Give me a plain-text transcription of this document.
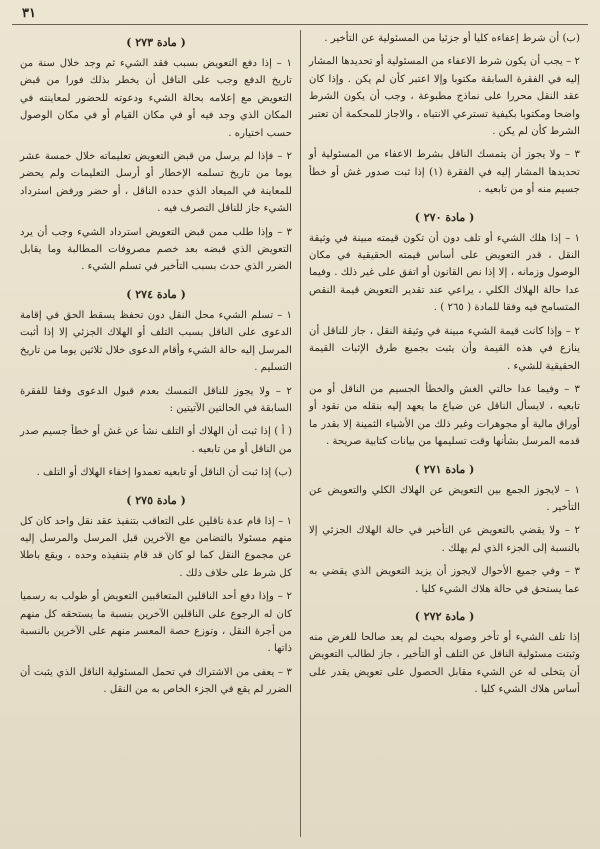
٣١

(ب) أن شرط إعفاءه كليا أو جزئيا من المسئولية عن التأخير .

٢ – يجب أن يكون شرط الاعفاء من المسئولية أو تحديدها المشار إليه في الفقرة السابقة مكتوبا وإلا اعتبر كأن لم يكن . وإذا كان عقد النقل محررا على نماذج مطبوعة ، وجب أن يكون الشرط واضحا ومكتوبا بكيفية تسترعي الانتباه ، والاجاز للمحكمة أن تعتبر الشرط كأن لم يكن .

٣ – ولا يجوز أن يتمسك الناقل بشرط الاعفاء من المسئولية أو تحديدها المشار إليه في الفقرة (١) إذا ثبت صدور غش أو خطأ جسيم منه أو من تابعيه .

( مادة ٢٧٠ )

١ – إذا هلك الشيء أو تلف دون أن تكون قيمته مبينة في وثيقة النقل ، قدر التعويض على أساس قيمته الحقيقية في مكان الوصول وزمانه ، إلا إذا نص القانون أو اتفق على غير ذلك . وفيما عدا حالة الهلاك الكلي ، يراعي عند تقدير التعويض قيمة النقص المتسامح فيه وفقا للمادة ( ٢٦٥ ) .

٢ – وإذا كانت قيمة الشيء مبينة في وثيقة النقل ، جاز للناقل أن ينازع في هذه القيمة وأن يثبت بجميع طرق الإثبات القيمة الحقيقية للشيء .

٣ – وفيما عدا حالتي الغش والخطأ الجسيم من الناقل أو من تابعيه ، لايسأل الناقل عن ضياع ما يعهد إليه بنقله من نقود أو أوراق مالية أو مجوهرات وغير ذلك من الأشياء الثمينة إلا بقدر ما قدمه المرسل بشأنها وقت تسليمها من بيانات كتابية صريحة .

( مادة ٢٧١ )

١ – لايجوز الجمع بين التعويض عن الهلاك الكلي والتعويض عن التأخير .

٢ – ولا يقضي بالتعويض عن التأخير في حالة الهلاك الجزئي إلا بالنسبة إلى الجزء الذي لم يهلك .

٣ – وفي جميع الأحوال لايجوز أن يزيد التعويض الذي يقضي به عما يستحق في حالة هلاك الشيء كليا .

( مادة ٢٧٢ )

إذا تلف الشيء أو تأخر وصوله بحيث لم يعد صالحا للغرض منه وثبتت مسئولية الناقل عن التلف أو التأخير ، جاز لطالب التعويض أن يتخلى له عن الشيء مقابل الحصول على تعويض يقدر على أساس هلاك الشيء كليا .

( مادة ٢٧٣ )

١ – إذا دفع التعويض بسبب فقد الشيء ثم وجد خلال سنة من تاريخ الدفع وجب على الناقل أن يخطر بذلك فورا من قبض التعويض مع إعلامه بحالة الشيء ودعوته للحضور لمعاينته في المكان الذي وجد فيه أو في مكان القيام أو في مكان الوصول حسب اختياره .

٢ – فإذا لم يرسل من قبض التعويض تعليماته خلال خمسة عشر يوما من تاريخ تسلمه الإخطار أو أرسل التعليمات ولم يحضر للمعاينة في الميعاد الذي حدده الناقل ، أو حضر ورفض استرداد الشيء جاز للناقل التصرف فيه .

٣ – وإذا طلب ممن قبض التعويض استرداد الشيء وجب أن يرد التعويض الذي قبضه بعد خصم مصروفات المطالبة وما يقابل الضرر الذي حدث بسبب التأخير في تسلم الشيء .

( مادة ٢٧٤ )

١ – تسلم الشيء محل النقل دون تحفظ يسقط الحق في إقامة الدعوى على الناقل بسبب التلف أو الهلاك الجزئي إلا إذا أثبت المرسل إليه حالة الشيء وأقام الدعوى خلال ثلاثين يوما من تاريخ التسليم .

٢ – ولا يجوز للناقل التمسك بعدم قبول الدعوى وفقا للفقرة السابقة في الحالتين الآتيتين :

( أ ) إذا ثبت أن الهلاك أو التلف نشأ عن غش أو خطأ جسيم صدر من الناقل أو من تابعيه .

(ب) إذا ثبت أن الناقل أو تابعيه تعمدوا إخفاء الهلاك أو التلف .

( مادة ٢٧٥ )

١ – إذا قام عدة ناقلين على التعاقب بتنفيذ عقد نقل واحد كان كل منهم مسئولا بالتضامن مع الآخرين قبل المرسل والمرسل إليه عن مجموع النقل كما لو كان قد قام بتنفيذه وحده ، ويقع باطلا كل شرط على خلاف ذلك .

٢ – وإذا دفع أحد الناقلين المتعاقبين التعويض أو طولب به رسميا كان له الرجوع على الناقلين الآخرين بنسبة ما يستحقه كل منهم من أجرة النقل ، وتوزع حصة المعسر منهم على الآخرين بالنسبة ذاتها .

٣ – يعفى من الاشتراك في تحمل المسئولية الناقل الذي يثبت أن الضرر لم يقع في الجزء الخاص به من النقل .
